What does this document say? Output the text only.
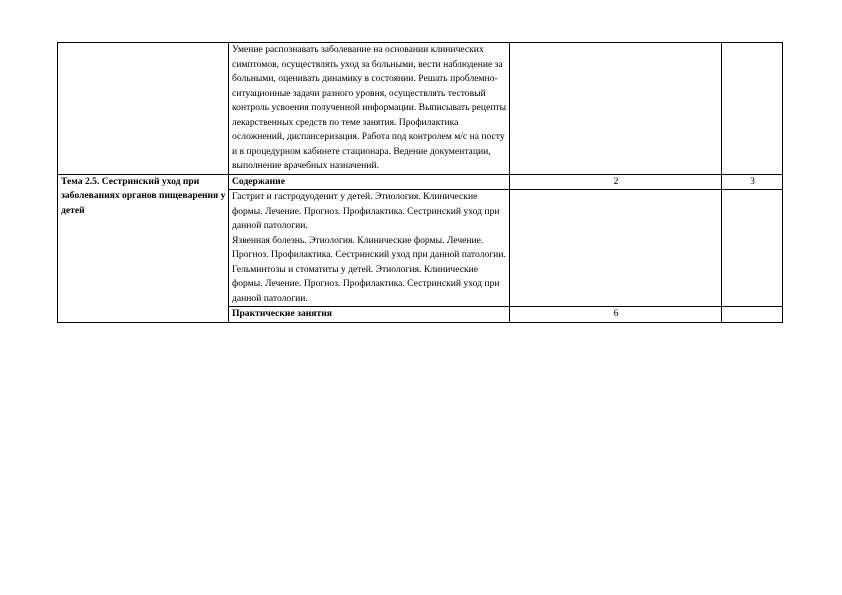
	Умение распознавать заболевание на основании клинических симптомов, осуществлять уход за больными, вести наблюдение за больными, оценивать динамику в состоянии. Решать проблемно-ситуационные задачи разного уровня, осуществлять тестовый контроль усвоения полученной информации. Выписывать рецепты лекарственных средств по теме занятия. Профилактика осложнений, диспансеризация. Работа под контролем м/с на посту и в процедурном кабинете стационара. Ведение документации, выполнение врачебных назначений.		
Тема 2.5. Сестринский уход при заболеваниях органов пищеварения у детей	Содержание	2	3

	Гастрит и гастродуоденит у детей. Этиология. Клинические формы. Лечение. Прогноз. Профилактика. Сестринский уход при данной патологии.
Язвенная болезнь. Этиология. Клинические формы. Лечение. Прогноз. Профилактика. Сестринский уход при данной патологии.
Гельминтозы и стоматиты у детей. Этиология. Клинические формы. Лечение. Прогноз. Профилактика. Сестринский уход при данной патологии.		

	Практические занятия	6	
